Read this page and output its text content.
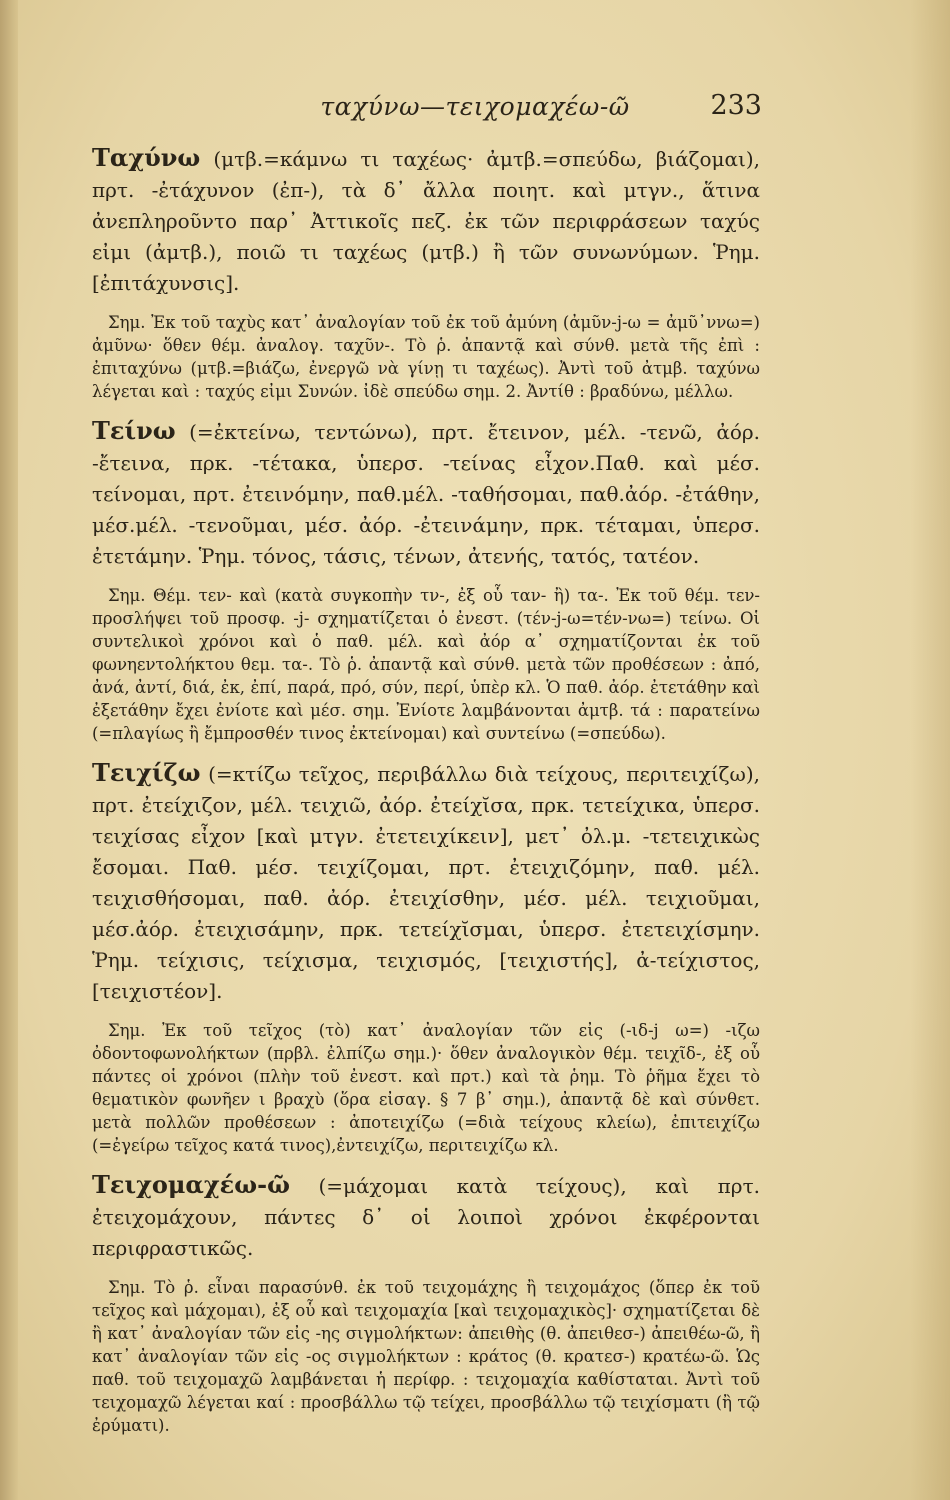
ταχύνω—τειχομαχέω-ῶ	233

Ταχύνω (μτβ.=κάμνω τι ταχέως· ἀμτβ.=σπεύδω, βιάζομαι), πρτ. -ἐτάχυνον (ἐπ-), τὰ δ᾽ ἄλλα ποιητ. καὶ μτγν., ἅτινα ἀνεπληροῦντο παρ᾽ Ἀττικοῖς πεζ. ἐκ τῶν περιφράσεων ταχύς εἰμι (ἀμτβ.), ποιῶ τι ταχέως (μτβ.) ἢ τῶν συνωνύμων. Ῥημ. [ἐπιτάχυνσις].

Σημ. Ἐκ τοῦ ταχὺς κατ᾽ ἀναλογίαν τοῦ ἐκ τοῦ ἀμύνη (ἀμῦν-j-ω = ἀμῦ᾽ννω=) ἀμῦνω· ὅθεν θέμ. ἀναλογ. ταχῦν-. Τὸ ῥ. ἀπαντᾷ καὶ σύνθ. μετὰ τῆς ἐπὶ : ἐπιταχύνω (μτβ.=βιάζω, ἐνεργῶ νὰ γίνῃ τι ταχέως). Ἀντὶ τοῦ ἀτμβ. ταχύνω λέγεται καὶ : ταχύς εἰμι Συνών. ἰδὲ σπεύδω σημ. 2. Ἀντίθ : βραδύνω, μέλλω.

Τείνω (=ἐκτείνω, τεντώνω), πρτ. ἔτεινον, μέλ. -τενῶ, ἀόρ. -ἔτεινα, πρκ. -τέτακα, ὑπερσ. -τείνας εἶχον.Παθ. καὶ μέσ. τείνομαι, πρτ. ἐτεινόμην, παθ.μέλ. -ταθήσομαι, παθ.ἀόρ. -ἐτάθην, μέσ.μέλ. -τενοῦμαι, μέσ. ἀόρ. -ἐτεινάμην, πρκ. τέταμαι, ὑπερσ. ἐτετάμην. Ῥημ. τόνος, τάσις, τένων, ἀτενής, τατός, τατέον.

Σημ. Θέμ. τεν- καὶ (κατὰ συγκοπὴν τν-, ἐξ οὗ ταν- ἢ) τα-. Ἐκ τοῦ θέμ. τεν- προσλήψει τοῦ προσφ. -j- σχηματίζεται ὁ ἐνεστ. (τέν-j-ω=τέν-νω=) τείνω. Οἱ συντελικοὶ χρόνοι καὶ ὁ παθ. μέλ. καὶ ἀόρ α᾽ σχηματίζονται ἐκ τοῦ φωνηεντολήκτου θεμ. τα-. Τὸ ῥ. ἀπαντᾷ καὶ σύνθ. μετὰ τῶν προθέσεων : ἀπό, ἀνά, ἀντί, διά, ἐκ, ἐπί, παρά, πρό, σύν, περί, ὑπὲρ κλ. Ὁ παθ. ἀόρ. ἐτετάθην καὶ ἐξετάθην ἔχει ἐνίοτε καὶ μέσ. σημ. Ἐνίοτε λαμβάνονται ἀμτβ. τά : παρατείνω (=πλαγίως ἢ ἔμπροσθέν τινος ἐκτείνομαι) καὶ συντείνω (=σπεύδω).

Τειχίζω (=κτίζω τεῖχος, περιβάλλω διὰ τείχους, περιτειχίζω), πρτ. ἐτείχιζον, μέλ. τειχιῶ, ἀόρ. ἐτείχῐσα, πρκ. τετείχικα, ὑπερσ. τειχίσας εἶχον [καὶ μτγν. ἐτετειχίκειν], μετ᾽ ὀλ.μ. -τετειχικὼς ἔσομαι. Παθ. μέσ. τειχίζομαι, πρτ. ἐτειχιζόμην, παθ. μέλ. τειχισθήσομαι, παθ. ἀόρ. ἐτειχίσθην, μέσ. μέλ. τειχιοῦμαι, μέσ.ἀόρ. ἐτειχισάμην, πρκ. τετείχῐσμαι, ὑπερσ. ἐτετειχίσμην. Ῥημ. τείχισις, τείχισμα, τειχισμός, [τειχιστής], ἀ-τείχιστος, [τειχιστέον].

Σημ. Ἐκ τοῦ τεῖχος (τὸ) κατ᾽ ἀναλογίαν τῶν εἰς (-ιδ-j ω=) -ιζω ὀδοντοφωνολήκτων (πρβλ. ἐλπίζω σημ.)· ὅθεν ἀναλογικὸν θέμ. τειχῖδ-, ἐξ οὗ πάντες οἱ χρόνοι (πλὴν τοῦ ἐνεστ. καὶ πρτ.) καὶ τὰ ῥημ. Τὸ ῥῆμα ἔχει τὸ θεματικὸν φωνῆεν ι βραχὺ (ὅρα εἰσαγ. § 7 β᾽ σημ.), ἀπαντᾷ δὲ καὶ σύνθετ. μετὰ πολλῶν προθέσεων : ἀποτειχίζω (=διὰ τείχους κλείω), ἐπιτειχίζω (=ἐγείρω τεῖχος κατά τινος),ἐντειχίζω, περιτειχίζω κλ.

Τειχομαχέω-ῶ (=μάχομαι κατὰ τείχους), καὶ πρτ. ἐτειχομάχουν, πάντες δ᾽ οἱ λοιποὶ χρόνοι ἐκφέρονται περιφραστικῶς.

Σημ. Τὸ ῥ. εἶναι παρασύνθ. ἐκ τοῦ τειχομάχης ἢ τειχομάχος (ὅπερ ἐκ τοῦ τεῖχος καὶ μάχομαι), ἐξ οὗ καὶ τειχομαχία [καὶ τειχομαχικὸς]· σχηματίζεται δὲ ἢ κατ᾽ ἀναλογίαν τῶν εἰς -ης σιγμολήκτων: ἀπειθὴς (θ. ἀπειθεσ-) ἀπειθέω-ῶ, ἢ κατ᾽ ἀναλογίαν τῶν εἰς -ος σιγμολήκτων : κράτος (θ. κρατεσ-) κρατέω-ῶ. Ὡς παθ. τοῦ τειχομαχῶ λαμβάνεται ἡ περίφρ. : τειχομαχία καθίσταται. Ἀντὶ τοῦ τειχομαχῶ λέγεται καί : προσβάλλω τῷ τείχει, προσβάλλω τῷ τειχίσματι (ἢ τῷ ἐρύματι).
